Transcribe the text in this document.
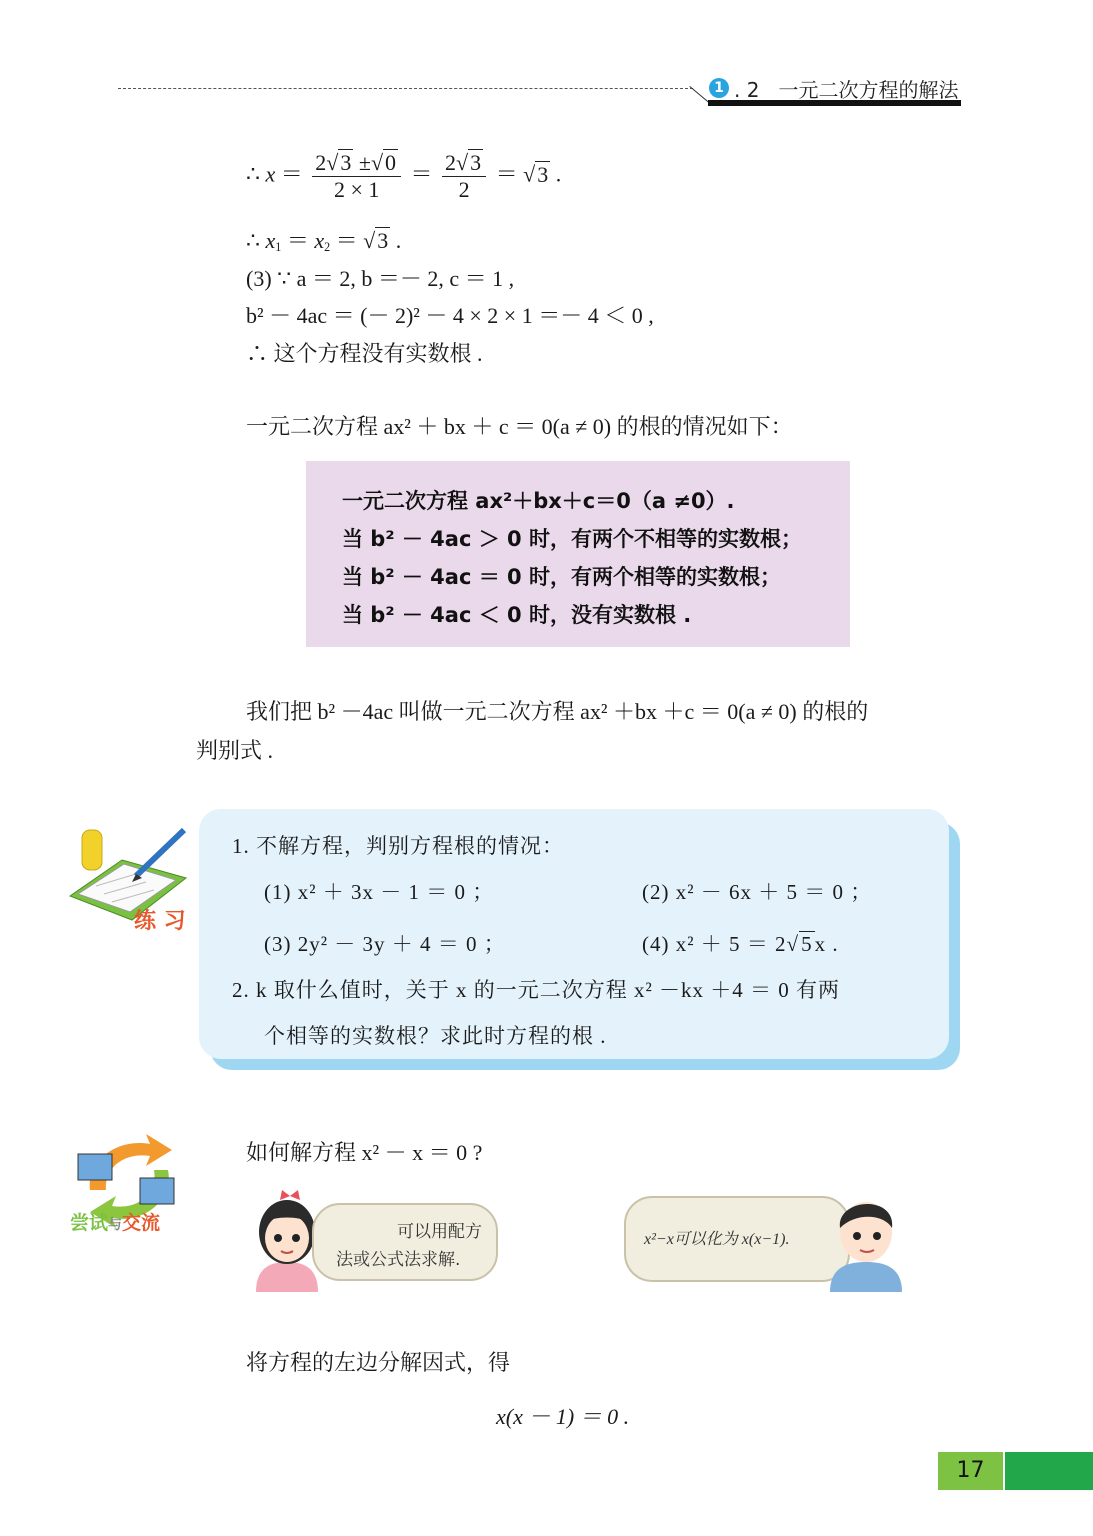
1 . 2   一元二次方程的解法
∴ $x = \frac{2√3 \pm√0}{2 \times 1} = \frac{2√3}{2} = √3$ .
∴ $x_1 = x_2 = √3$ .
(3) ∵ a ＝ 2, b ＝－ 2, c ＝ 1 ,
b² － 4ac ＝ (－ 2)² － 4 × 2 × 1 ＝－ 4 ＜ 0 ,
∴ 这个方程没有实数根 .
一元二次方程 ax² ＋ bx ＋ c ＝ 0(a ≠ 0) 的根的情况如下：
一元二次方程 ax²＋bx＋c＝0（a ≠0）.
当 b² － 4ac ＞ 0 时，有两个不相等的实数根；
当 b² － 4ac ＝ 0 时，有两个相等的实数根；
当 b² － 4ac ＜ 0 时，没有实数根 .
我们把 b² －4ac 叫做一元二次方程 ax² ＋bx ＋c ＝ 0(a ≠ 0) 的根的
判别式 .
练 习
1. 不解方程，判别方程根的情况：
(1) x² ＋ 3x － 1 ＝ 0 ；	(2) x² － 6x ＋ 5 ＝ 0 ；
(3) 2y² － 3y ＋ 4 ＝ 0 ；	(4) x² ＋ 5 ＝ 2√5x .
2. k 取什么值时，关于 x 的一元二次方程 x² －kx ＋4 ＝ 0 有两
个相等的实数根？求此时方程的根 .
尝试与交流
如何解方程 x² － x ＝ 0 ?
可以用配方
法或公式法求解.
x²−x可以化为 x(x−1).
将方程的左边分解因式，得
x(x － 1) ＝ 0 .
17
